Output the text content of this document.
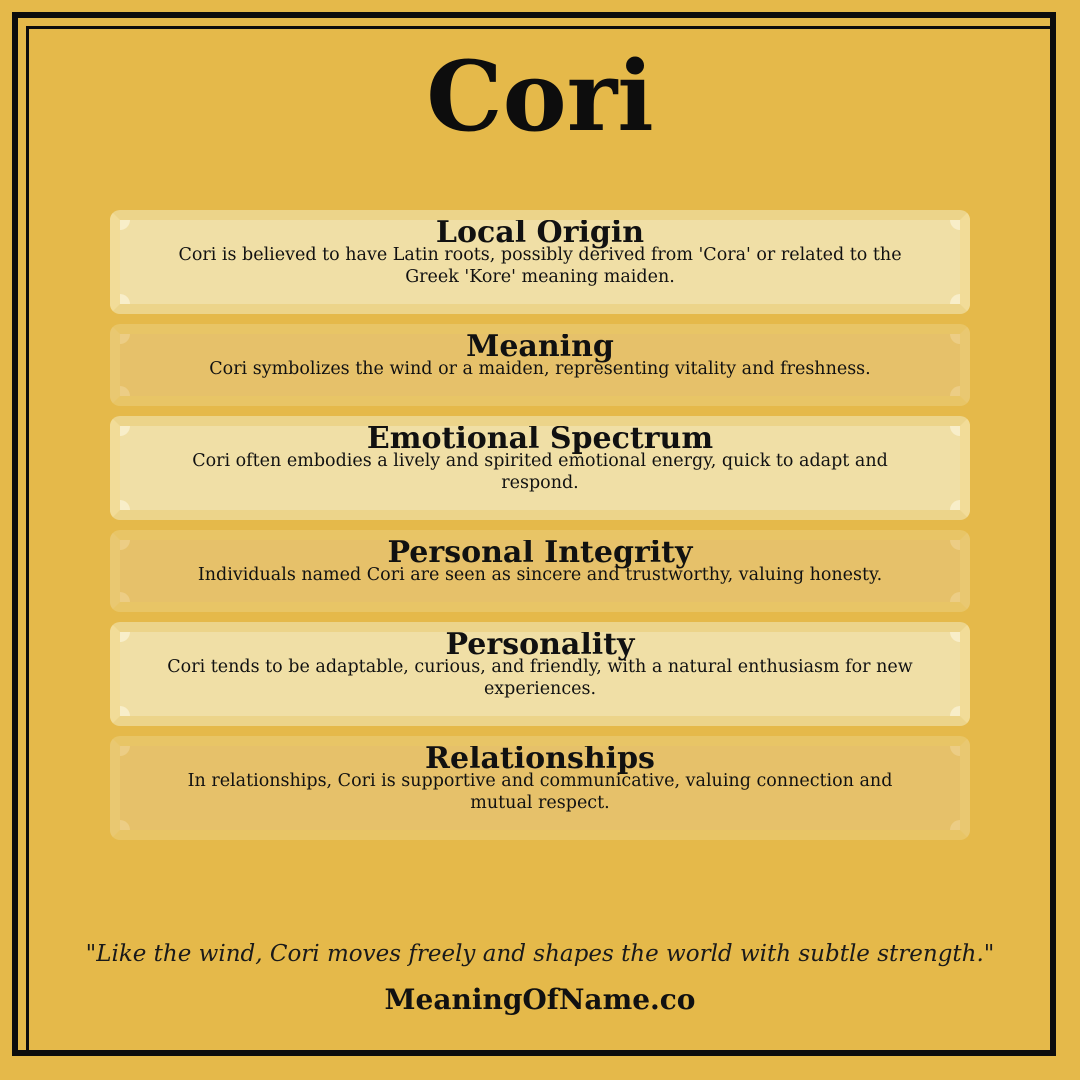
Cori
Local Origin

Cori is believed to have Latin roots, possibly derived from 'Cora' or related to the Greek 'Kore' meaning maiden.

Meaning

Cori symbolizes the wind or a maiden, representing vitality and freshness.

Emotional Spectrum

Cori often embodies a lively and spirited emotional energy, quick to adapt and respond.

Personal Integrity

Individuals named Cori are seen as sincere and trustworthy, valuing honesty.

Personality

Cori tends to be adaptable, curious, and friendly, with a natural enthusiasm for new experiences.

Relationships

In relationships, Cori is supportive and communicative, valuing connection and mutual respect.

"Like the wind, Cori moves freely and shapes the world with subtle strength."

MeaningOfName.co
